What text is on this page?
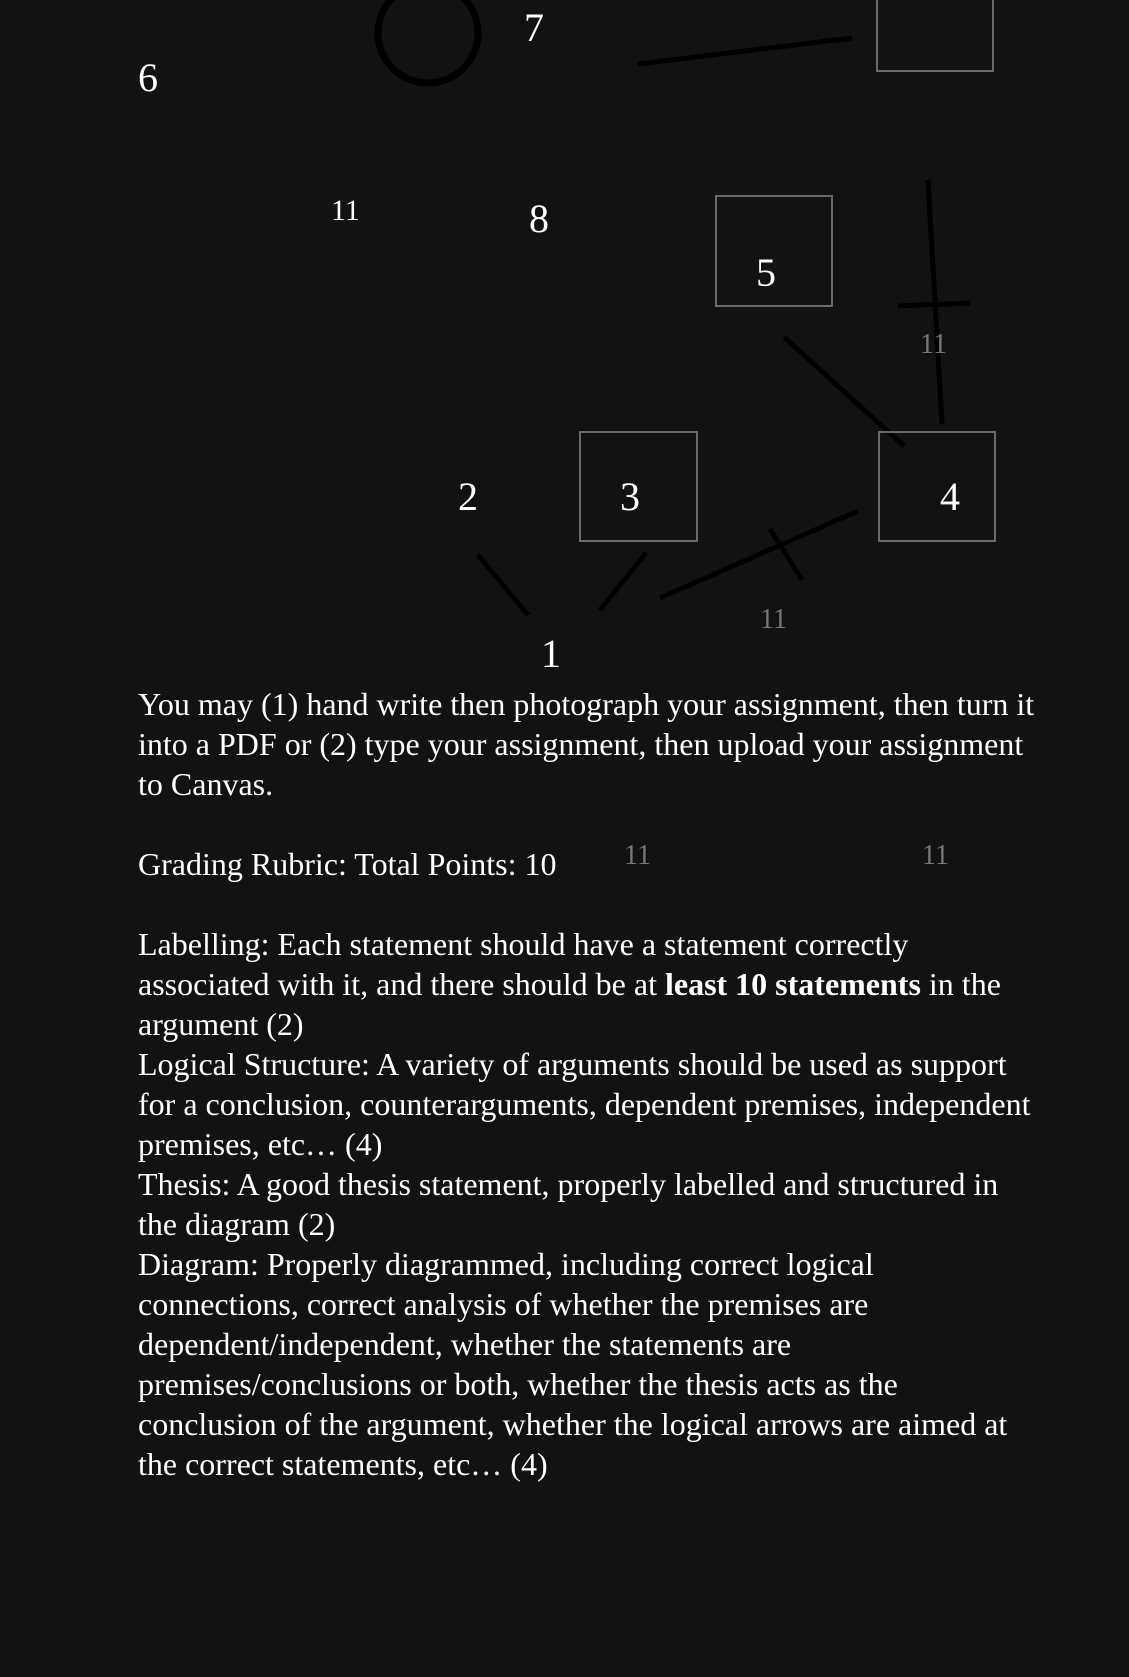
6
7
11	8
5
2	3	4
1
11
11

You may (1) hand write then photograph your assignment, then turn it into a PDF or (2) type your assignment, then upload your assignment to Canvas.

Grading Rubric: Total Points: 10 11	11

Labelling: Each statement should have a statement correctly associated with it, and there should be at least 10 statements in the argument (2)

Logical Structure: A variety of arguments should be used as support for a conclusion, counterarguments, dependent premises, independent premises, etc… (4)

Thesis: A good thesis statement, properly labelled and structured in the diagram (2)

Diagram: Properly diagrammed, including correct logical connections, correct analysis of whether the premises are dependent/independent, whether the statements are premises/conclusions or both, whether the thesis acts as the conclusion of the argument, whether the logical arrows are aimed at the correct statements, etc… (4)
